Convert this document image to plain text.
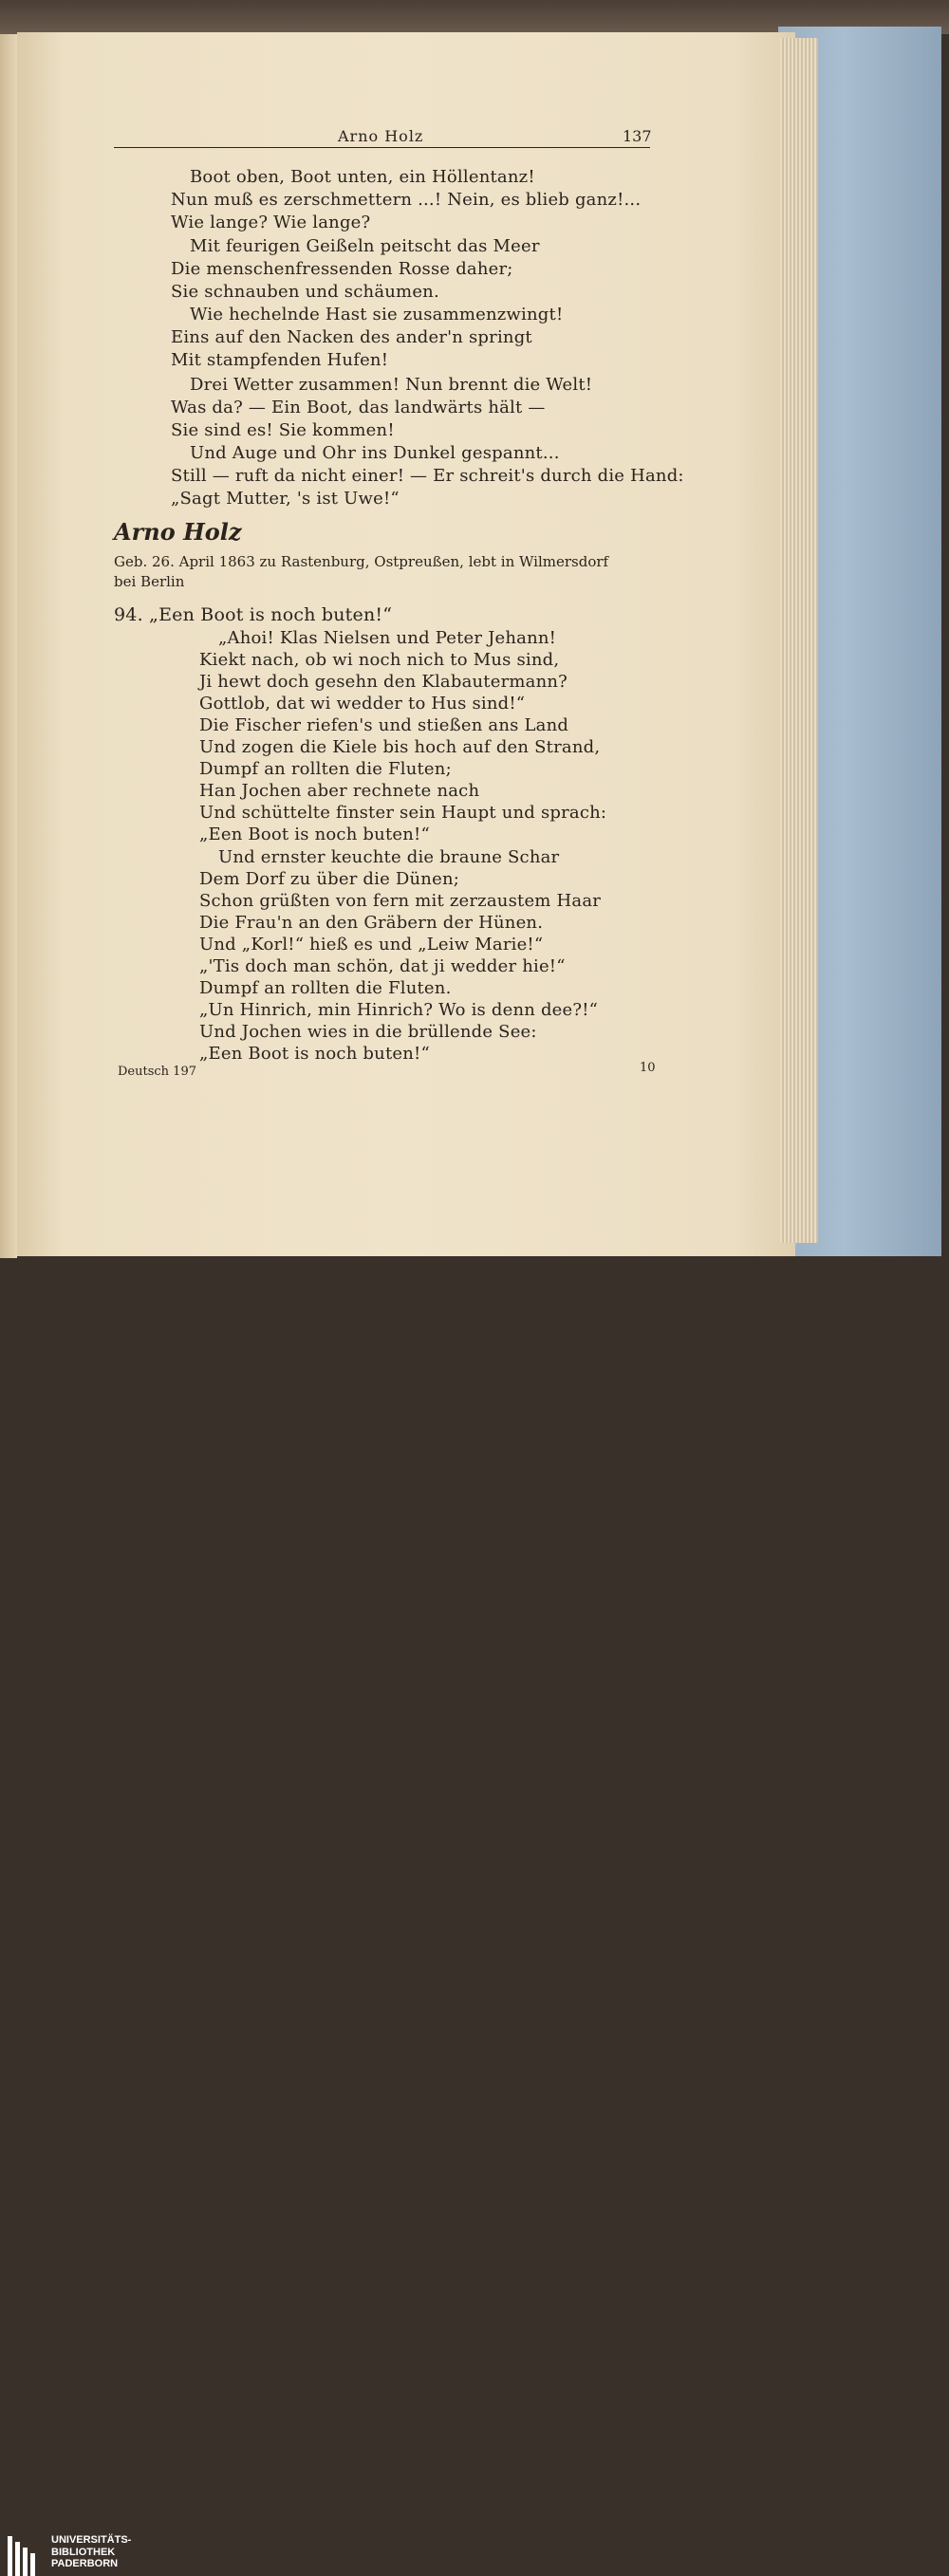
Arno Holz	137
Boot oben, Boot unten, ein Höllentanz!
Nun muß es zerschmettern ...! Nein, es blieb ganz!...
Wie lange? Wie lange?
Mit feurigen Geißeln peitscht das Meer
Die menschenfressenden Rosse daher;
Sie schnauben und schäumen.
Wie hechelnde Hast sie zusammenzwingt!
Eins auf den Nacken des ander'n springt
Mit stampfenden Hufen!
Drei Wetter zusammen! Nun brennt die Welt!
Was da? — Ein Boot, das landwärts hält —
Sie sind es! Sie kommen!
Und Auge und Ohr ins Dunkel gespannt...
Still — ruft da nicht einer! — Er schreit's durch die Hand:
„Sagt Mutter, 's ist Uwe!“
Arno Holz
Geb. 26. April 1863 zu Rastenburg, Ostpreußen, lebt in Wilmersdorf
bei Berlin
94. „Een Boot is noch buten!“
„Ahoi! Klas Nielsen und Peter Jehann!
Kiekt nach, ob wi noch nich to Mus sind,
Ji hewt doch gesehn den Klabautermann?
Gottlob, dat wi wedder to Hus sind!“
Die Fischer riefen's und stießen ans Land
Und zogen die Kiele bis hoch auf den Strand,
Dumpf an rollten die Fluten;
Han Jochen aber rechnete nach
Und schüttelte finster sein Haupt und sprach:
„Een Boot is noch buten!“
Und ernster keuchte die braune Schar
Dem Dorf zu über die Dünen;
Schon grüßten von fern mit zerzaustem Haar
Die Frau'n an den Gräbern der Hünen.
Und „Korl!“ hieß es und „Leiw Marie!“
„'Tis doch man schön, dat ji wedder hie!“
Dumpf an rollten die Fluten.
„Un Hinrich, min Hinrich? Wo is denn dee?!“
Und Jochen wies in die brüllende See:
„Een Boot is noch buten!“
Deutsch 197	10
UNIVERSITÄTS-
BIBLIOTHEK
PADERBORN
